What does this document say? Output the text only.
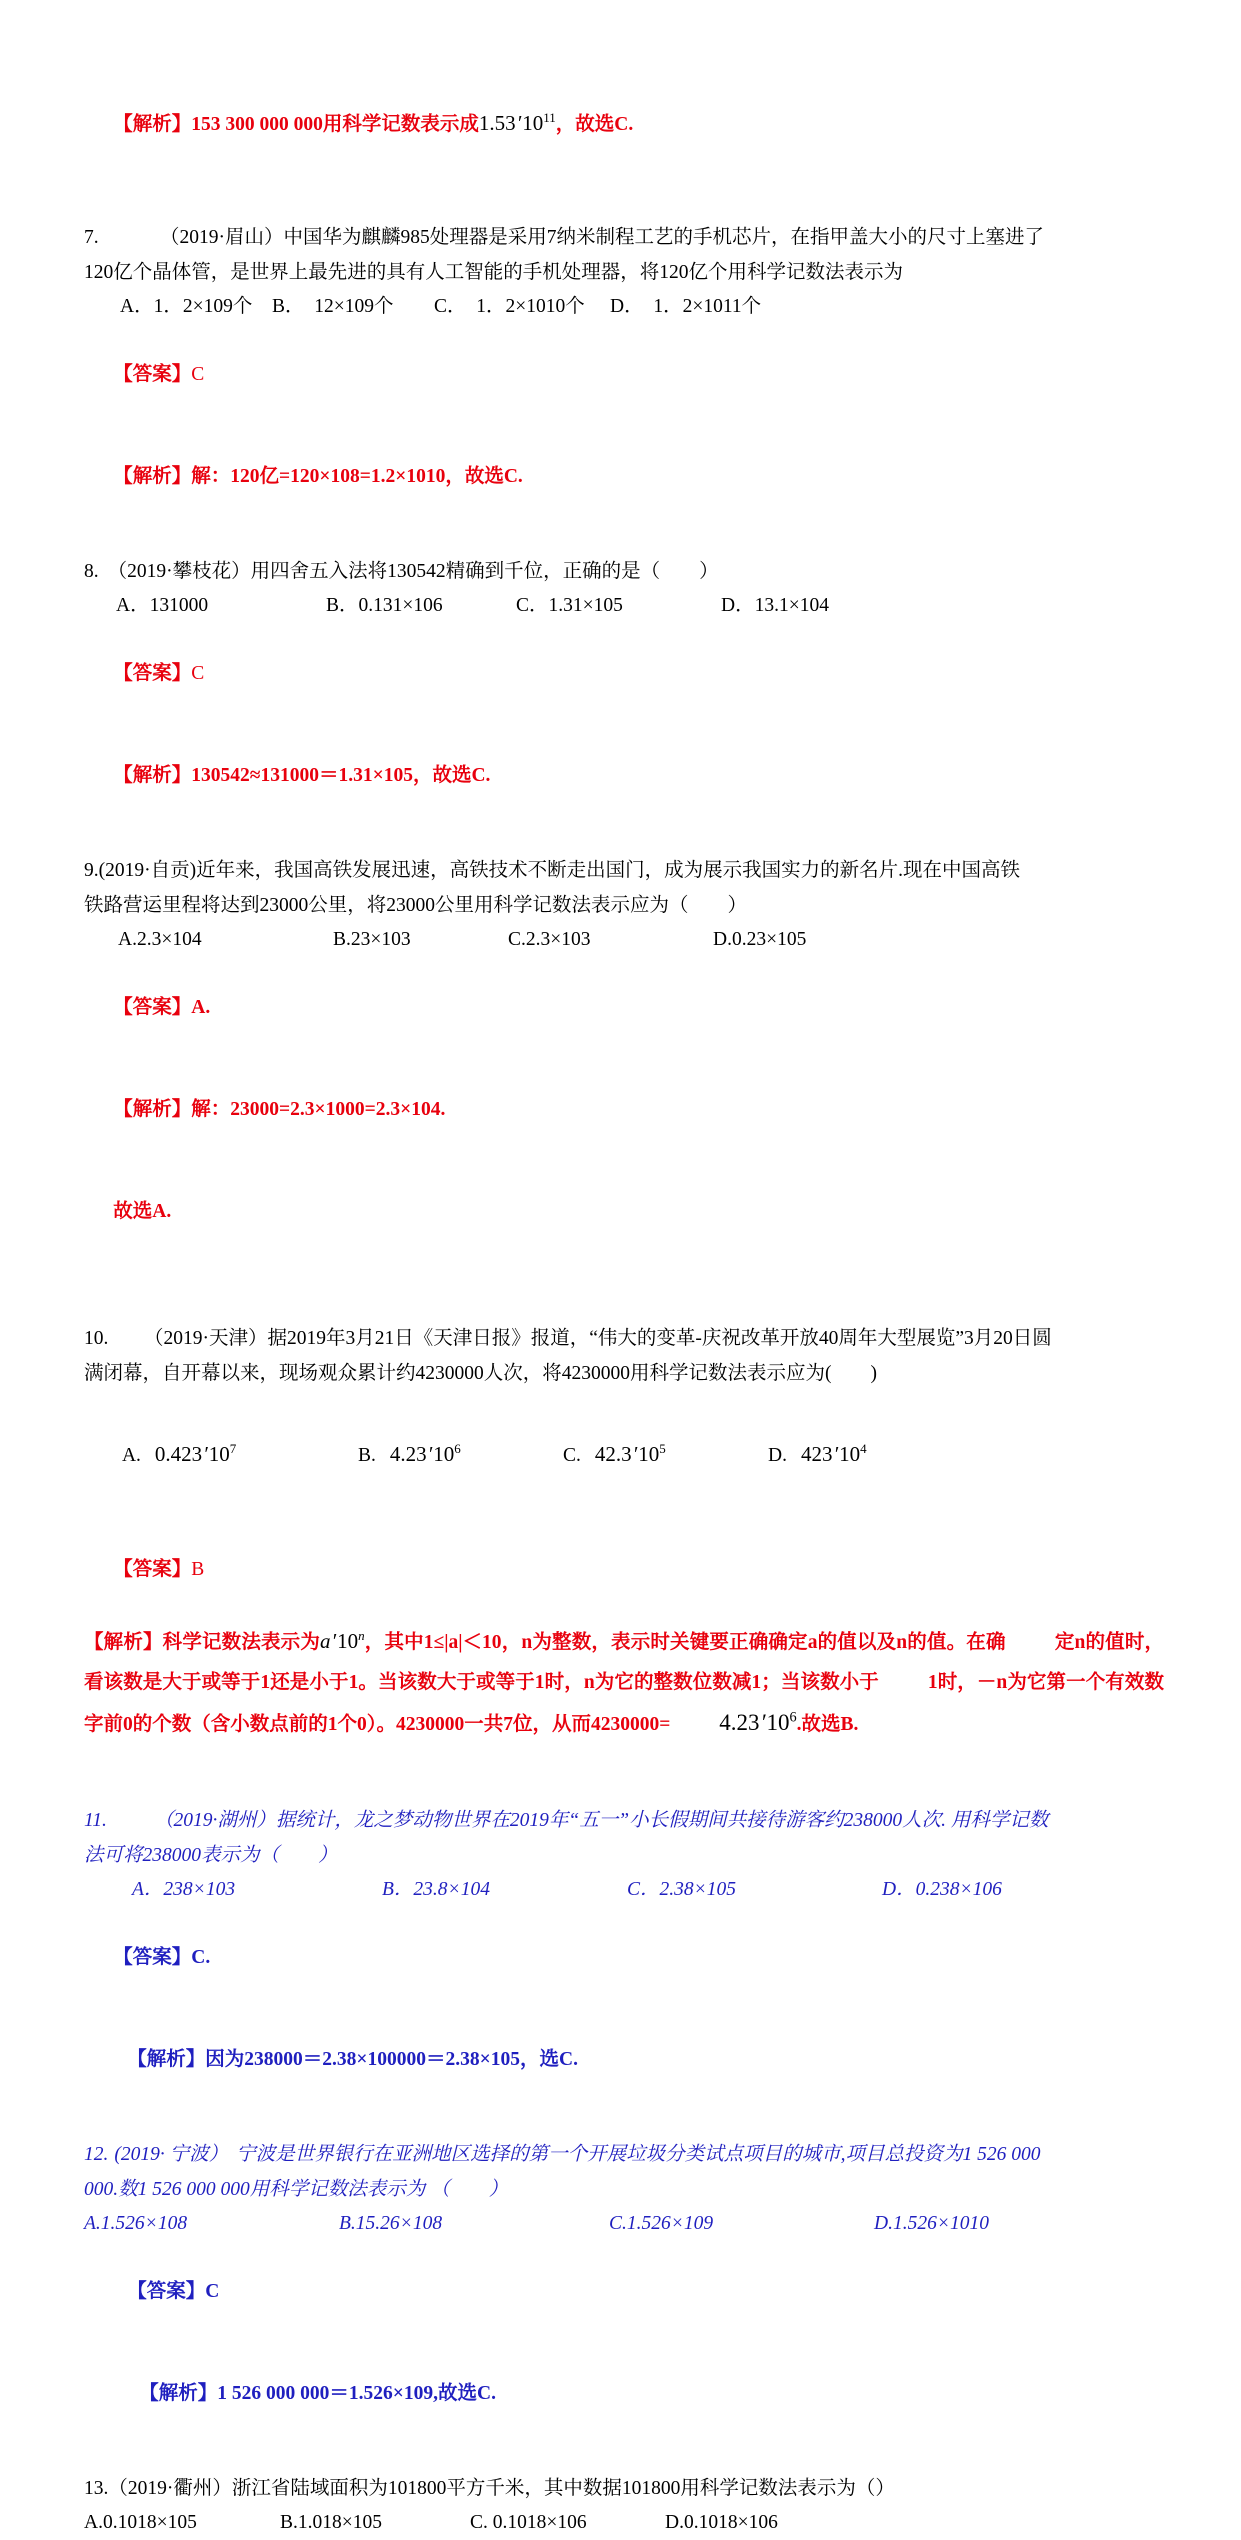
【解析】153 300 000 000用科学记数表示成$1.53'10^{11}$，故选C.

7.	（2019·眉山）中国华为麒麟985处理器是采用7纳米制程工艺的手机芯片，在指甲盖大小的尺寸上塞进了
120亿个晶体管，是世界上最先进的具有人工智能的手机处理器，将120亿个用科学记数法表示为
A．1．2×109个	B．　12×109个	C．　1．2×1010个	D．　1．2×1011个

【答案】C

【解析】解：120亿=120×108=1.2×1010，故选C.

8. （2019·攀枝花）用四舍五入法将130542精确到千位，正确的是（　　）
A．131000	B．0.131×106	C．1.31×105	D．13.1×104

【答案】C

【解析】130542≈131000＝1.31×105，故选C.

9.(2019·自贡)近年来，我国高铁发展迅速，高铁技术不断走出国门，成为展示我国实力的新名片.现在中国高铁
铁路营运里程将达到23000公里，将23000公里用科学记数法表示应为（　　）
A.2.3×104	B.23×103	C.2.3×103	D.0.23×105

【答案】A.

【解析】解：23000=2.3×1000=2.3×104.

故选A.

10. （2019·天津）据2019年3月21日《天津日报》报道，“伟大的变革-庆祝改革开放40周年大型展览”3月20日圆
满闭幕，自开幕以来，现场观众累计约4230000人次，将4230000用科学记数法表示应为(　　)

A. $0.423'10^7$
	B. $4.23'10^6$
	C. $42.3'10^5$
	D. $423'10^4$

【答案】B

【解析】科学记数法表示为a′10$^n$，其中1≤|a|＜10，n为整数，表示时关键要正确确定a的值以及n的值。在确	定n的值时，看该数是大于或等于1还是小于1。当该数大于或等于1时，n为它的整数位数减1；当该数小于	1时，－n为它第一个有效数字前0的个数（含小数点前的1个0）。4230000一共7位，从而$4230000= 4.23'10^6$.故选B.
11. （2019·湖州）据统计，龙之梦动物世界在2019年“五一”小长假期间共接待游客约238000人次. 用科学记数
法可将238000表示为（　　）
A．238×103	B．23.8×104	C．2.38×105	D．0.238×106

【答案】C.

【解析】因为238000＝2.38×100000＝2.38×105，选C.

12. (2019· 宁波） 宁波是世界银行在亚洲地区选择的第一个开展垃圾分类试点项目的城市,项目总投资为1 526 000
000.数1 526 000 000用科学记数法表示为 （　　）
A.1.526×108	B.15.26×108	C.1.526×109	D.1.526×1010

【答案】C

【解析】1 526 000 000＝1.526×109,故选C.

13.（2019·衢州）浙江省陆域面积为101800平方千米，其中数据101800用科学记数法表示为（）
A.0.1018×105	B.1.018×105	C. 0.1018×106	D.0.1018×106
